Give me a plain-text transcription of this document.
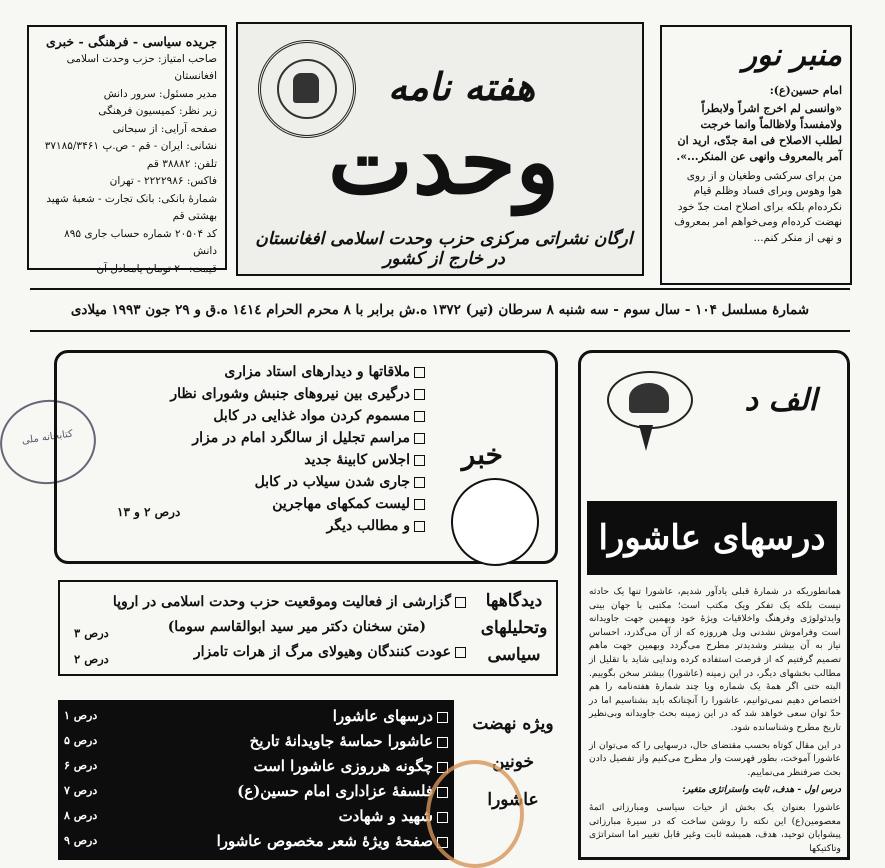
جریده سیاسی - فرهنگی - خبری
صاحب امتیاز: حزب وحدت اسلامی افغانستان
مدیر مسئول: سرور دانش
زیر نظر: کمیسیون فرهنگی
صفحه آرایی: از سبحانی
نشانی: ایران - قم - ص.پ ۳۷۱۸۵/۳۴۶۱
تلفن: ۳۸۸۸۲ قم
فاکس: ۲۲۲۲۹۸۶ - تهران
شمارهٔ بانکی: بانک تجارت - شعبهٔ شهید بهشتی قم
کد ۲۰۵۰۴ شماره حساب جاری ۸۹۵ دانش
قیمت: ۲۰ تومان یامعادل آن
هفته نامه
وحدت
ارگان نشراتی مرکزی حزب وحدت اسلامی افغانستان در خارج از کشور
منبر نور
امام حسین(ع):
«وانسی لم اخرج اشراً ولابطراً ولامفسداً ولاظالماً وانما خرجت لطلب الاصلاح فی امة جدّی، ارید ان آمر بالمعروف وانهی عن المنکر...».
من برای سرکشی وطغیان و از روی هوا وهوس وبرای فساد وظلم قیام نکرده‌ام بلکه برای اصلاح امت جدّ خود نهضت کرده‌ام ومی‌خواهم امر بمعروف و نهی از منکر کنم...
شمارهٔ مسلسل ۱۰۴ - سال سوم - سه شنبه ۸ سرطان (تیر) ۱۳۷۲ ه.ش برابر با ۸ محرم الحرام ۱٤۱٤ ه.ق و ۲۹ جون ۱۹۹۳ میلادی
کتابخانه ملی
خبر
ملاقاتها و دیدارهای استاد مزاری
درگیری بین نیروهای جنبش وشورای نظار
مسموم کردن مواد غذایی در کابل
مراسم تجلیل از سالگرد امام در مزار
اجلاس کابینهٔ جدید
جاری شدن سیلاب در کابل
لیست کمکهای مهاجرین
و مطالب دیگر
درص ۲ و ۱۳
دیدگاهها
وتحلیلهای
سیاسی
گزارشی از فعالیت وموقعیت حزب وحدت اسلامی در اروپا
(متن سخنان دکتر میر سید ابوالقاسم سوما)
عودت کنندگان وهیولای مرگ از هرات تامزار
درص ۳
درص ۲
درسهای عاشورا
عاشورا حماسهٔ جاویدانهٔ تاریخ
چگونه هرروزی عاشورا است
فلسفهٔ عزاداری امام حسین(ع)
شهید و شهادت
صفحهٔ ویژهٔ شعر مخصوص عاشورا
درص ۱
درص ۵
درص ۶
درص ۷
درص ۸
درص ۹
ویژه نهضت
خونین
عاشورا
الف د
درسهای عاشورا

همانطوریکه در شمارهٔ قبلی یادآور شدیم، عاشورا تنها یک حادثه نیست بلکه یک تفکر ویک مکتب است؛ مکتبی با جهان بینی وایدئولوژی وفرهنگ واخلاقیات ویژهٔ خود وبهمین جهت جاویدانه است وفراموش نشدنی وبل هرروزه که از آن می‌گذرد، احساس نیاز به آن بیشتر وشدیدتر مطرح می‌گردد وبهمین جهت ماهم تصمیم گرفتیم که از فرصت استفاده کرده وندایی شاید با تقلیل از مطالب بخشهای دیگر، در این زمینه (عاشورا) بیشتر سخن بگوییم. البته حتی اگر همهٔ یک شماره ویا چند شمارهٔ هفته‌نامه را هم اختصاص دهیم نمی‌توانیم، عاشورا را آنچنانکه باید بشناسیم اما در حدّ توان سعی خواهد شد که در این زمینه بحث جاویدانه وبی‌نظیر تاریخ مطرح وشناسانده شود.

در این مقال کوتاه بحسب مقتضای حال، درسهایی را که می‌توان از عاشورا آموخت، بطور فهرست وار مطرح می‌کنیم واز تفصیل دادن بحث صرفنظر می‌نماییم.

درس اول - هدف، ثابت واستراتژی متغیر:

عاشورا بعنوان یک بخش از حیات سیاسی ومبارزاتی ائمهٔ معصومین(ع) این نکته را روشن ساخت که در سیرهٔ مبارزاتی پیشوایان توحید، هدف، همیشه ثابت وغیر قابل تغییر اما استراتژی وتاکتیکها
